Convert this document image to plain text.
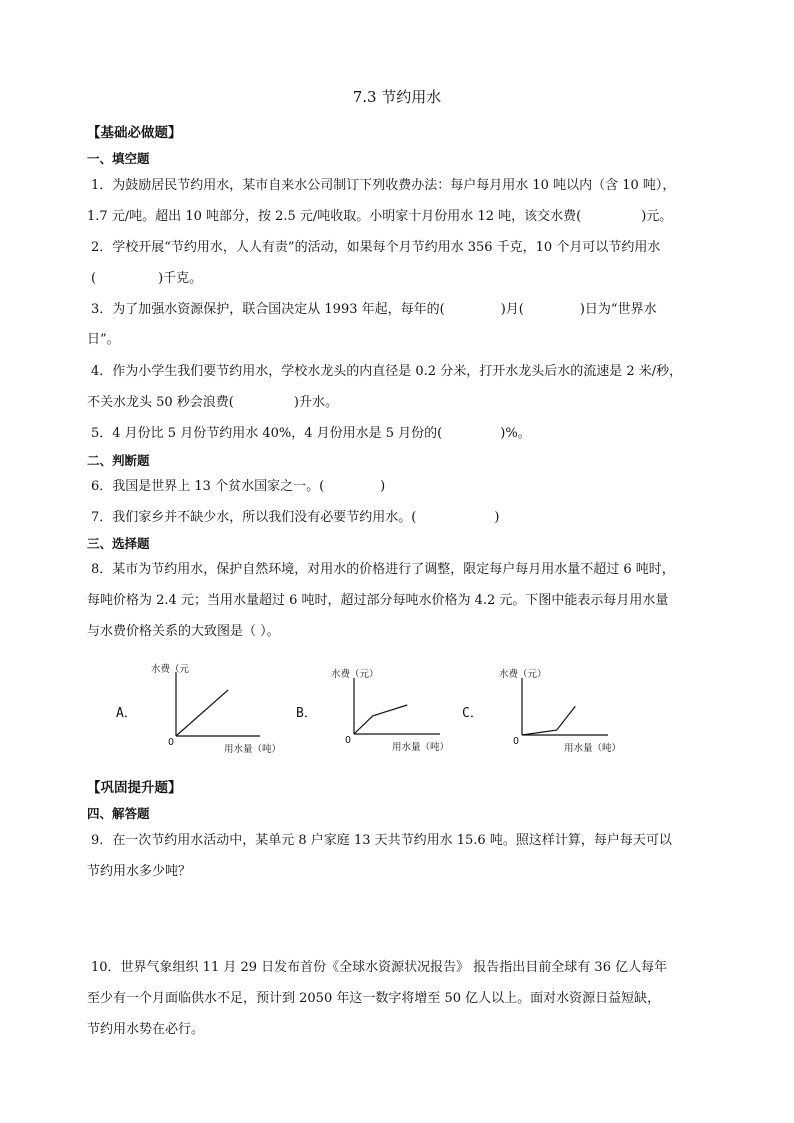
7.3 节约用水
【基础必做题】
一、填空题
1．为鼓励居民节约用水，某市自来水公司制订下列收费办法：每户每月用水 10 吨以内（含 10 吨），
1.7 元/吨。超出 10 吨部分，按 2.5 元/吨收取。小明家十月份用水 12 吨，该交水费(	)元。
2．学校开展“节约用水，人人有责”的活动，如果每个月节约用水 356 千克，10 个月可以节约用水
(	)千克。
3．为了加强水资源保护，联合国决定从 1993 年起，每年的(	)月(	)日为“世界水
日”。
4．作为小学生我们要节约用水，学校水龙头的内直径是 0.2 分米，打开水龙头后水的流速是 2 米/秒，
不关水龙头 50 秒会浪费(	)升水。
5．4 月份比 5 月份节约用水 40%，4 月份用水是 5 月份的(	)%。
二、判断题
6．我国是世界上 13 个贫水国家之一。(	)
7．我们家乡并不缺少水，所以我们没有必要节约用水。(	)
三、选择题
8．某市为节约用水，保护自然环境，对用水的价格进行了调整，限定每户每月用水量不超过 6 吨时，
每吨价格为 2.4 元；当用水量超过 6 吨时，超过部分每吨水价格为 4.2 元。下图中能表示每月用水量
与水费价格关系的大致图是（ ）。
A．	B．	C．
水费（元
0
用水量（吨）
水费（元）
0
用水量（吨）
水费（元）
0
用水量（吨）
【巩固提升题】
四、解答题
9．在一次节约用水活动中，某单元 8 户家庭 13 天共节约用水 15.6 吨。照这样计算，每户每天可以
节约用水多少吨？
10．世界气象组织 11 月 29 日发布首份《全球水资源状况报告》 报告指出目前全球有 36 亿人每年
至少有一个月面临供水不足，预计到 2050 年这一数字将增至 50 亿人以上。面对水资源日益短缺，
节约用水势在必行。
